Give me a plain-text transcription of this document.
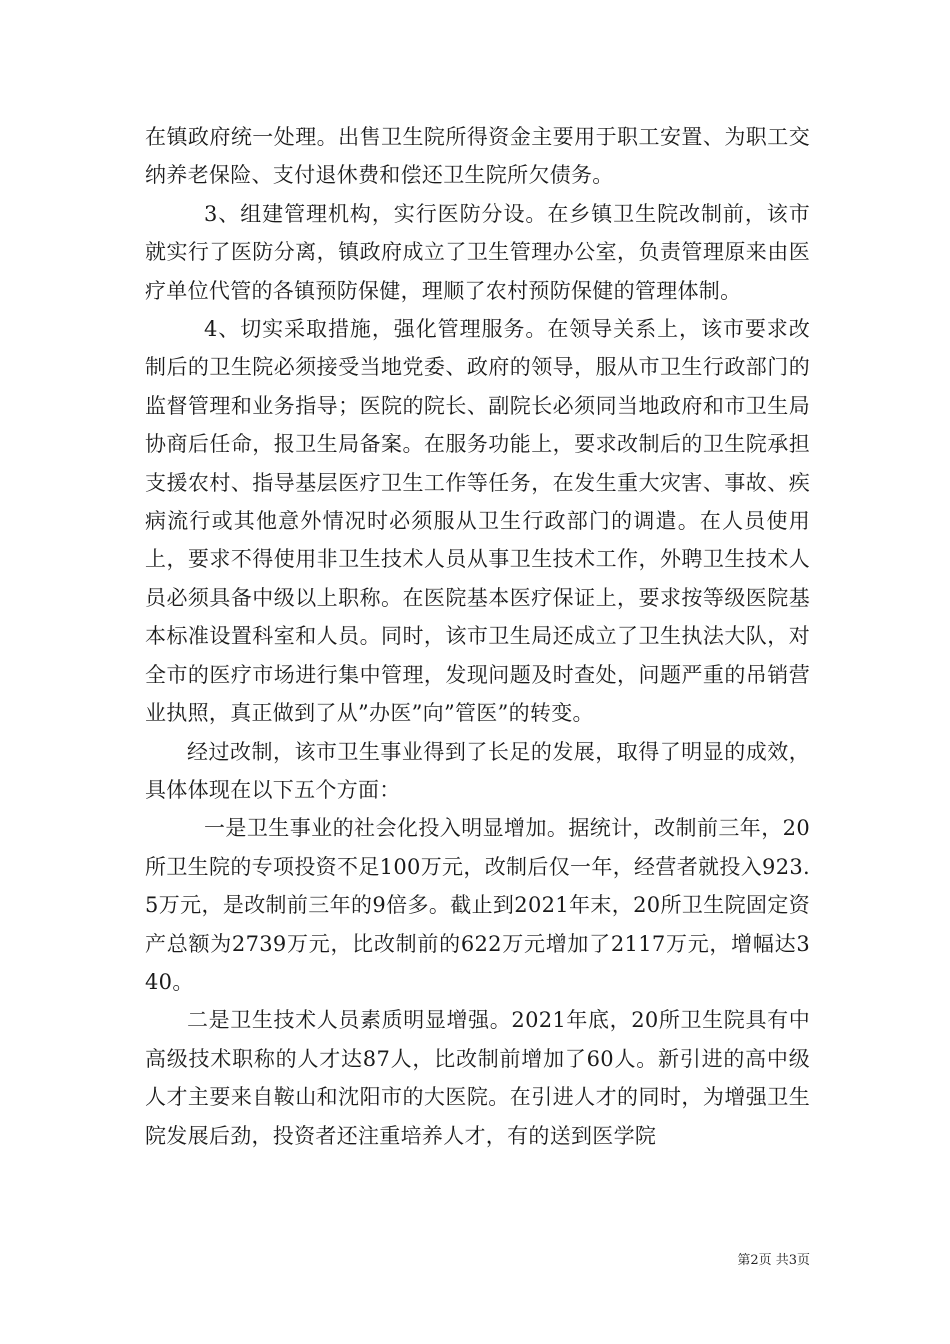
在镇政府统一处理。出售卫生院所得资金主要用于职工安置、为职工交纳养老保险、支付退休费和偿还卫生院所欠债务。

3、组建管理机构，实行医防分设。在乡镇卫生院改制前，该市就实行了医防分离，镇政府成立了卫生管理办公室，负责管理原来由医疗单位代管的各镇预防保健，理顺了农村预防保健的管理体制。

4、切实采取措施，强化管理服务。在领导关系上，该市要求改制后的卫生院必须接受当地党委、政府的领导，服从市卫生行政部门的监督管理和业务指导；医院的院长、副院长必须同当地政府和市卫生局协商后任命，报卫生局备案。在服务功能上，要求改制后的卫生院承担支援农村、指导基层医疗卫生工作等任务，在发生重大灾害、事故、疾病流行或其他意外情况时必须服从卫生行政部门的调遣。在人员使用上，要求不得使用非卫生技术人员从事卫生技术工作，外聘卫生技术人员必须具备中级以上职称。在医院基本医疗保证上，要求按等级医院基本标准设置科室和人员。同时，该市卫生局还成立了卫生执法大队，对全市的医疗市场进行集中管理，发现问题及时查处，问题严重的吊销营业执照，真正做到了从”办医”向”管医”的转变。

经过改制，该市卫生事业得到了长足的发展，取得了明显的成效，具体体现在以下五个方面：

一是卫生事业的社会化投入明显增加。据统计，改制前三年，20所卫生院的专项投资不足100万元，改制后仅一年，经营者就投入923.5万元，是改制前三年的9倍多。截止到2021年末，20所卫生院固定资产总额为2739万元，比改制前的622万元增加了2117万元，增幅达340。

二是卫生技术人员素质明显增强。2021年底，20所卫生院具有中高级技术职称的人才达87人，比改制前增加了60人。新引进的高中级人才主要来自鞍山和沈阳市的大医院。在引进人才的同时，为增强卫生院发展后劲，投资者还注重培养人才，有的送到医学院

第2页 共3页
